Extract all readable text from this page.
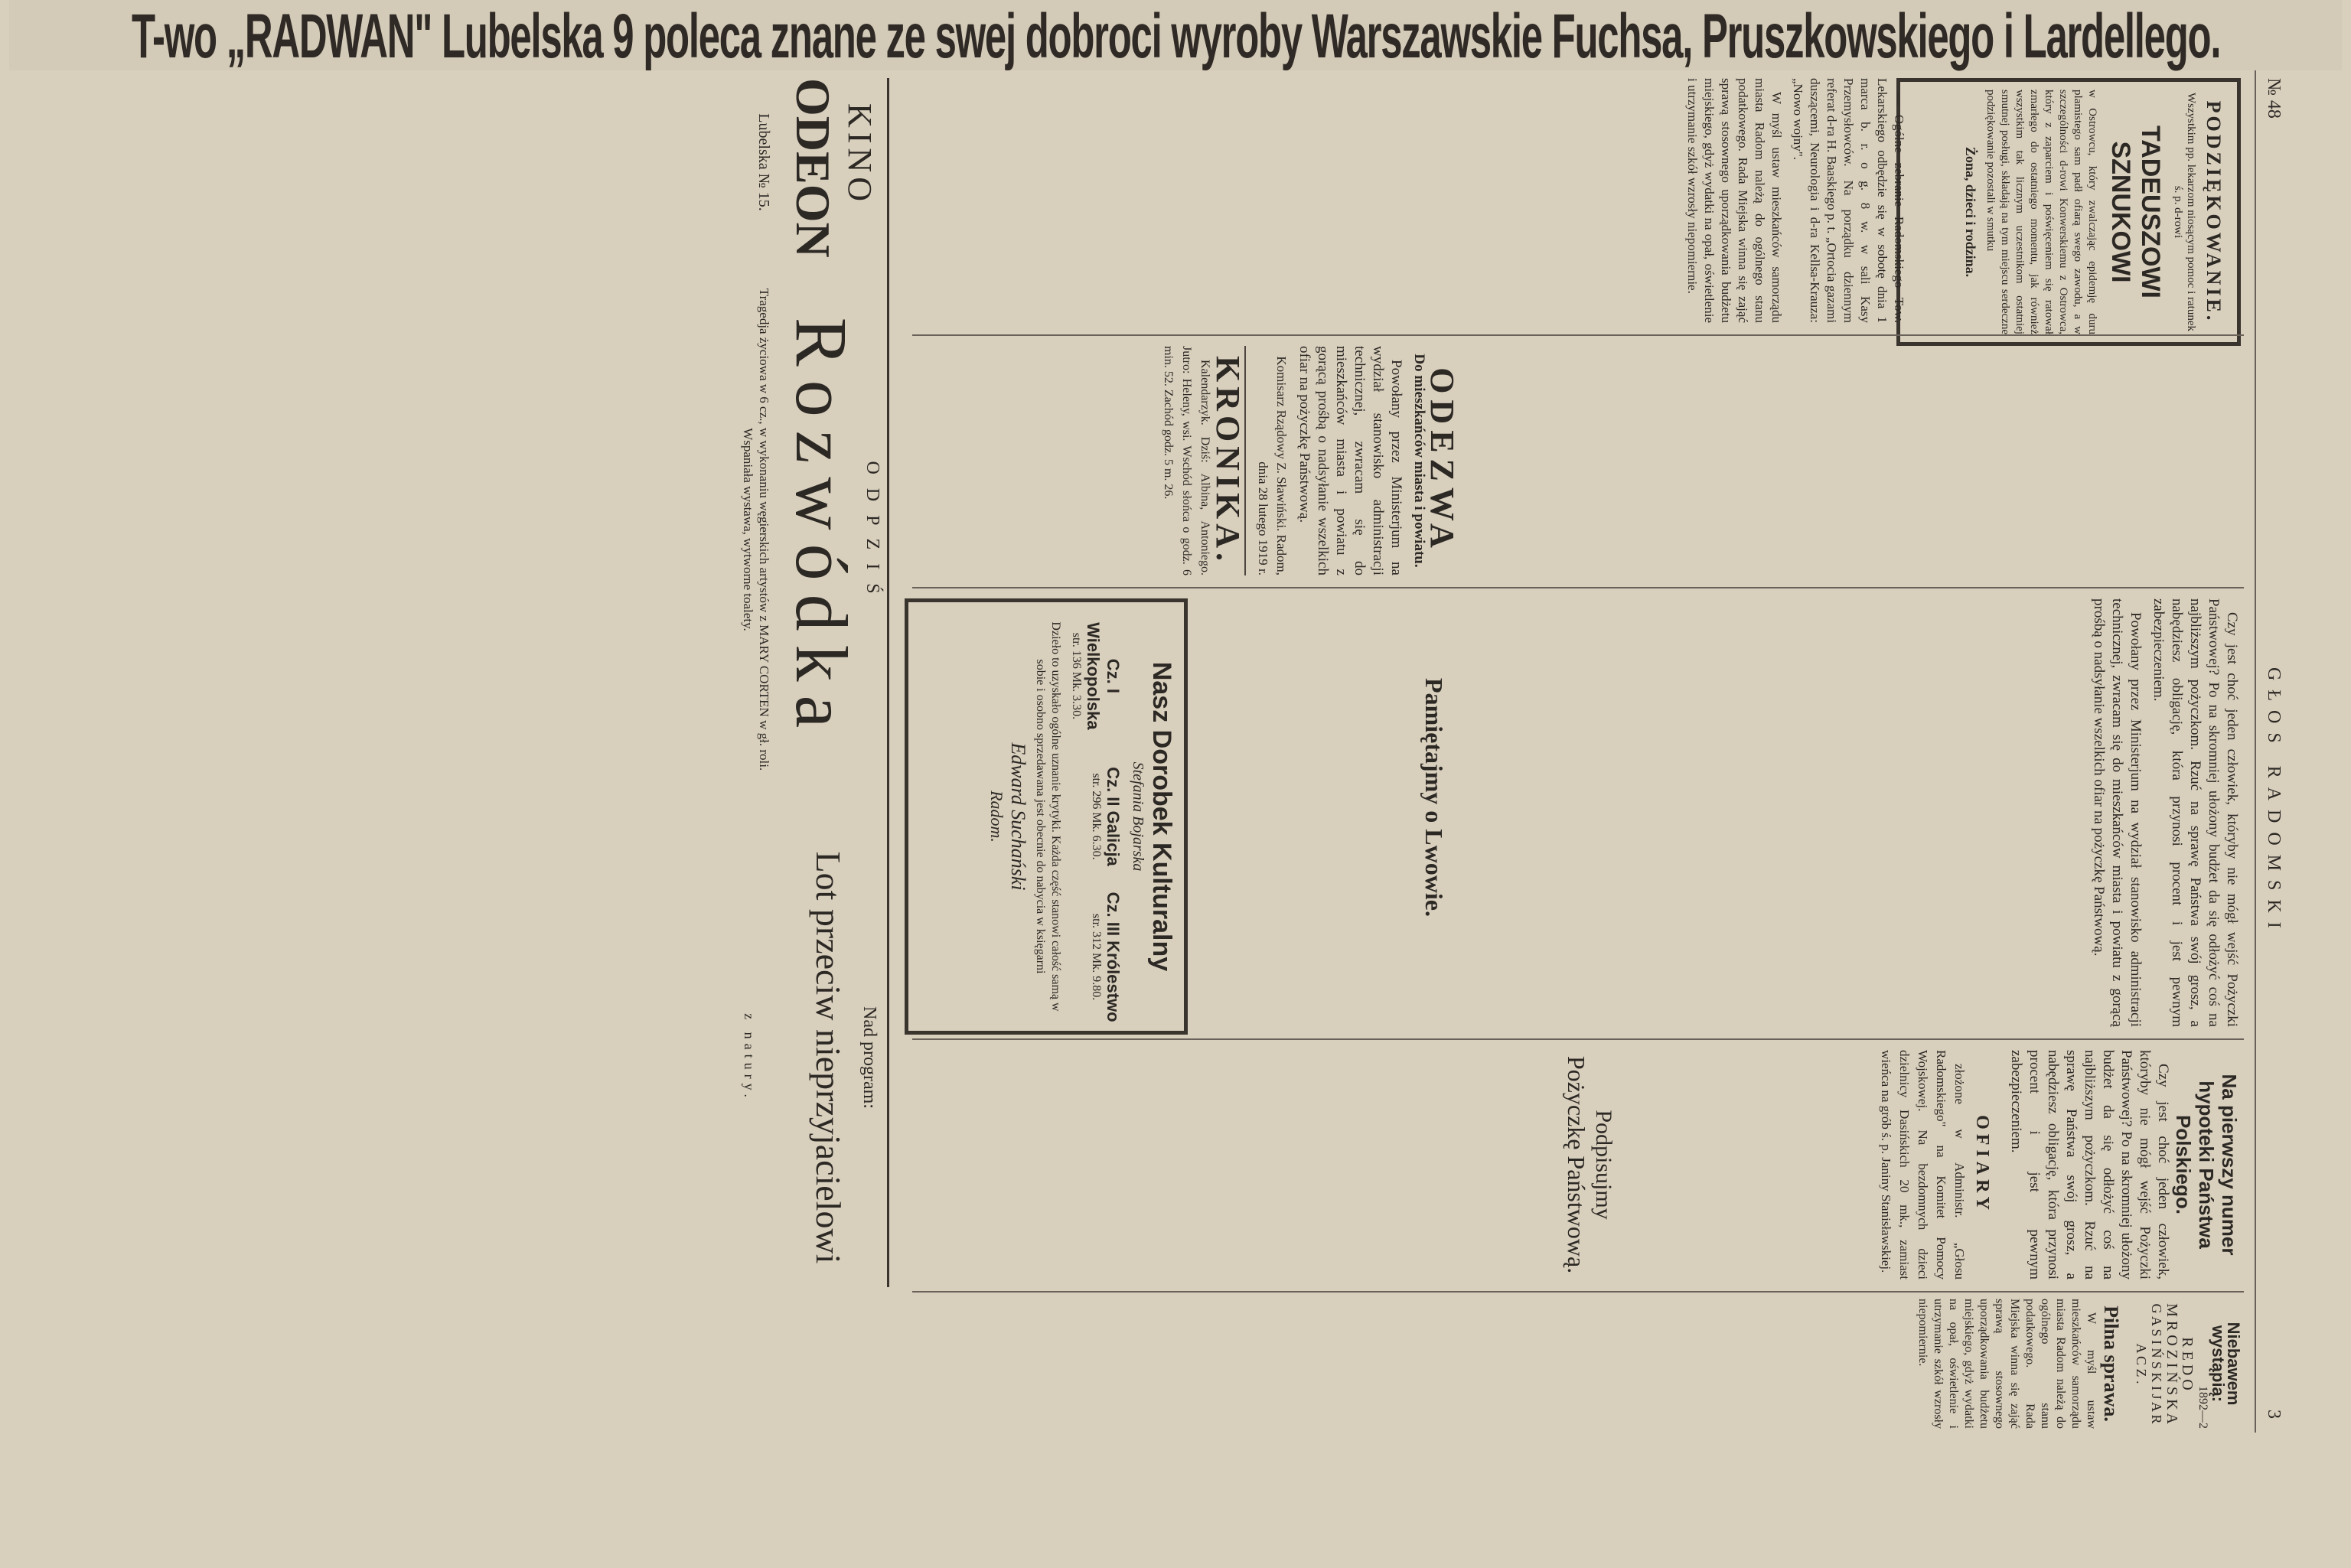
T-wo „RADWAN" Lubelska 9 poleca znane ze swej dobroci wyroby Warszawskie Fuchsa, Pruszkowskiego i Lardellego.
№ 48
GŁOS RADOMSKI
3
PODZIĘKOWANIE.
Wszystkim pp. lekarzom niosącym pomoc i ratunek ś. p. d-rowi
TADEUSZOWI SZNUKOWI
w Ostrowcu, który zwalczając epidemję duru plamistego sam padł ofiarą swego zawodu, a w szczególności d-rowi Konwerskiemu z Ostrowca, który z zaparciem i poświęceniem się ratował zmarłego do ostatniego momentu, jak również wszystkim tak licznym uczestnikom ostatniej smutnej posługi, składają na tym miejscu serdeczne podziękowanie pozostali w smutku
Żona, dzieci i rodzina.

— Ogólne zebranie Radomskiego Tow. Lekarskiego odbędzie się w sobotę dnia 1 marca b. r. o g. 8 w. w sali Kasy Przemysłowców. Na porządku dziennym referat d-ra H. Baaskiego p. t. „Ortocia gazami duszącemi, Neurologia i d-ra Kellsa-Krauza: „Nowo wojny".

W myśl ustaw mieszkańców samorządu miasta Radom należą do ogólnego stanu podatkowego. Rada Miejska winna się zająć sprawą stosownego uporządkowania budżetu miejskiego, gdyż wydatki na opał, oświetlenie i utrzymanie szkół wzrosły niepomiernie.

ODEZWA
Do mieszkańców miasta i powiatu.

Powołany przez Ministerjum na wydział stanowisko administracji technicznej, zwracam się do mieszkańców miasta i powiatu z gorącą prośbą o nadsyłanie wszelkich ofiar na pożyczkę Państwową.

Komisarz Rządowy Z. Sławiński. Radom, dnia 28 lutego 1919 r.
KRONIKA.

Kalendarzyk. Dziś: Albina, Antoniego. Jutro: Heleny, wsi. Wschód słońca o godz. 6 min. 52. Zachód godz. 5 m. 26.

Czy jest choć jeden człowiek, któryby nie mógł wejść Pożyczki Państwowej? Po na skromniej ułożony budżet da się odłożyć coś na najbliższym pożyczkom. Rzuć na sprawę Państwa swój grosz, a nabędziesz obligację, która przynosi procent i jest pewnym zabezpieczeniem.

Powołany przez Ministerjum na wydział stanowisko administracji technicznej, zwracam się do mieszkańców miasta i powiatu z gorącą prośbą o nadsyłanie wszelkich ofiar na pożyczkę Państwową.

Pamiętajmy o Lwowie.
Nasz Dorobek Kulturalny
Stefania Bojarska
Cz. I Wielkopolska
str. 136 Mk. 3.30.
Cz. II Galicja
str. 296 Mk. 6.30.
Cz. III Królestwo
str. 312 Mk. 9.80.
Dzieło to uzyskało ogólne uznanie krytyki. Każda część stanowi całość samą w sobie i osobno sprzedawana jest obecnie do nabycia w księgarni
Edward Suchański
Radom.
Na pierwszy numer hypoteki Państwa Polskiego.

Czy jest choć jeden człowiek, któryby nie mógł wejść Pożyczki Państwowej? Po na skromniej ułożony budżet da się odłożyć coś na najbliższym pożyczkom. Rzuć na sprawę Państwa swój grosz, a nabędziesz obligację, która przynosi procent i jest pewnym zabezpieczeniem.

OFIARY

złożone w Administr. „Głosu Radomskiego" na Komitet Pomocy Wojskowej. Na bezdomnych dzieci dzielnicy Dasińskich 20 mk., zamiast wieńca na grób ś. p. Janiny Stanisławskiej.

Podpisujmy
Pożyczkę Państwową.
Niebawem wystąpią:
1892—2
R E D O
M R O Z I Ń S K A
G A S I Ń S K I J A R A C Z .
Pilna sprawa.

W myśl ustaw mieszkańców samorządu miasta Radom należą do ogólnego stanu podatkowego. Rada Miejska winna się zająć sprawą stosownego uporządkowania budżetu miejskiego, gdyż wydatki na opał, oświetlenie i utrzymanie szkół wzrosły niepomiernie.

KINO
ODEON
Lubelska № 15.
O D P Z I Ś
Rozwódka
Tragedja życiowa w 6 cz., w wykonaniu węgierskich artystów z MARY CORTEN w gł. roli. Wspaniała wystawa, wytworne toalety.
Nad program:
Lot przeciw nieprzyjacielowi
z natury.
